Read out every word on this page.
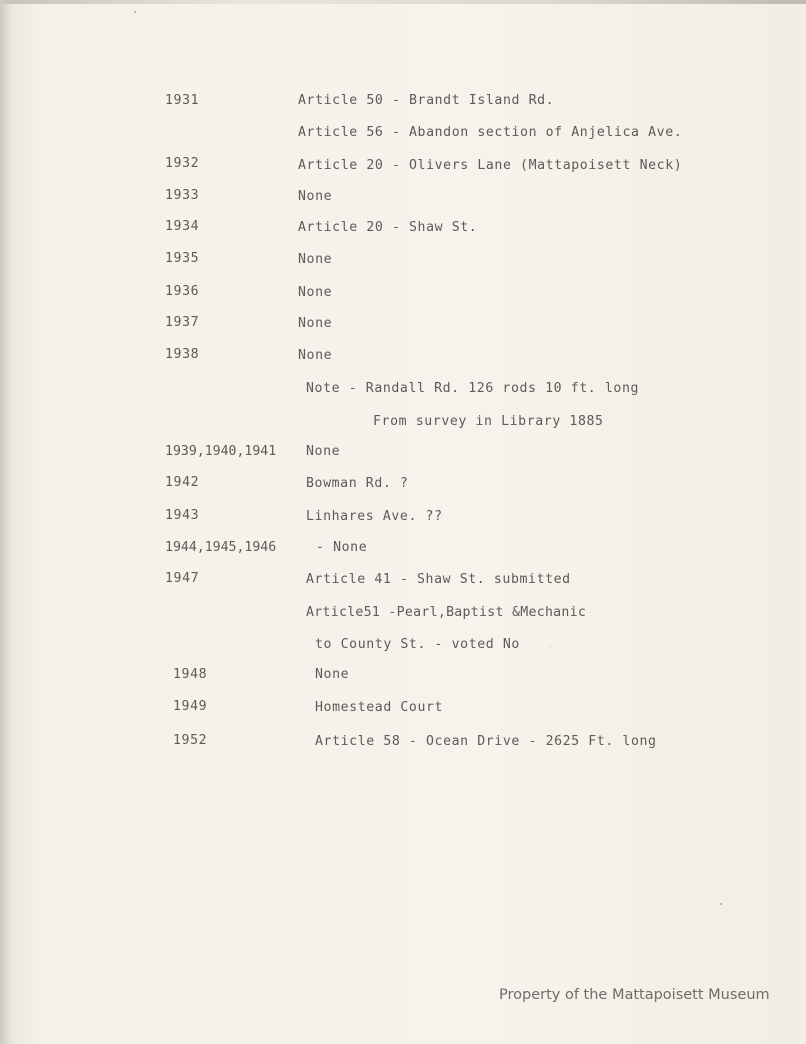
1931	Article 50 - Brandt Island Rd.
Article 56 - Abandon section of Anjelica Ave.
1932	Article 20 - Olivers Lane (Mattapoisett Neck)
1933	None
1934	Article 20 - Shaw St.
1935	None
1936	None
1937	None
1938	None
Note - Randall Rd. 126 rods 10 ft. long
From survey in Library 1885
1939,1940,1941 None
1942	Bowman Rd. ?
1943	Linhares Ave. ??
1944,1945,1946	- None
1947	Article 41 - Shaw St. submitted
Article51 -Pearl,Baptist &Mechanic
to County St. - voted No
1948	None
1949	Homestead Court
1952	Article 58 - Ocean Drive - 2625 Ft. long
Property of the Mattapoisett Museum
